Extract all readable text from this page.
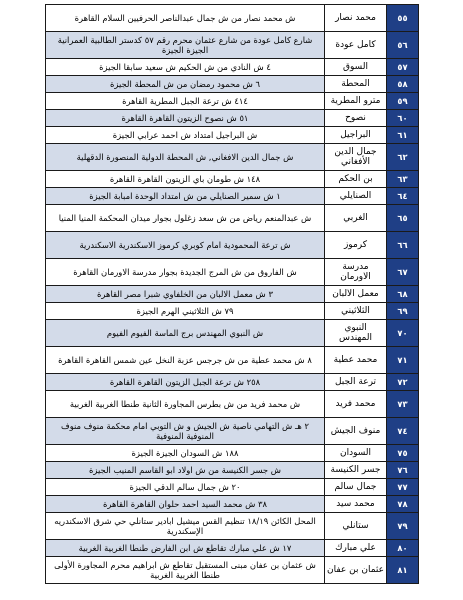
٥٥	محمد نصار	ش محمد نصار من ش جمال عبدالناصر الحرفيين السلام القاهرة
٥٦	كامل عودة	شارع كامل عودة من شارع عثمان محرم رقم ٥٧ كدستر الطالبية العمرانية الجيزة الجيزة
٥٧	السوق	٤ ش النادي من ش الحكيم ش سعيد سابقا الجيزة
٥٨	المحطة	٦ ش محمود رمضان من ش المحطة الجيزة
٥٩	مترو المطرية	٤١٤ ش ترعة الجبل المطرية القاهرة
٦٠	نصوح	٥١ ش نصوح الزيتون القاهرة القاهرة
٦١	البراجيل	ش البراجيل امتداد ش احمد عرابي الجيزة
٦٢	جمال الدين الأفغاني	ش جمال الدين الافغاني, ش المحطة الدولية المنصورة الدقهلية
٦٣	بن الحكم	١٤٨ ش طومان باي الزيتون القاهرة القاهرة
٦٤	الصنايلي	١ ش سمير الصنايلي من ش امتداد الوحدة امبابة الجيزة
٦٥	الغربي	ش عبدالمنعم رياض من ش سعد زغلول بجوار ميدان المحكمة المنيا المنيا
٦٦	كرموز	ش ترعة المحمودية امام كوبري كرموز الاسكندرية الاسكندرية
٦٧	مدرسة الاورمان	ش الفاروق من ش المرج الجديدة بجوار مدرسة الاورمان القاهرة
٦٨	معمل الالبان	٣ ش معمل الالبان من الخلفاوي شبرا مصر القاهرة
٦٩	الثلاثيني	٧٩ ش الثلاثيني الهرم الجيزة
٧٠	النبوي المهندس	ش النبوي المهندس برج الماسة الفيوم الفيوم
٧١	محمد عطية	٨ ش محمد عطية من ش جرجس عزبة النخل عين شمس القاهرة القاهرة
٧٢	ترعة الجبل	٢٥٨ ش ترعة الجبل الزيتون القاهرة القاهرة
٧٣	محمد فريد	ش محمد فريد من ش بطرس المجاورة الثانية طنطا الغربية الغربية
٧٤	منوف الجيش	٢ هـ ش التهامي ناصية ش الجيش و ش التوبي امام محكمة منوف منوف المنوفية المنوفية
٧٥	السودان	١٨٨ ش السودان الجيزة الجيزة
٧٦	جسر الكنيسة	ش جسر الكنيسة من ش اولاد ابو القاسم المنيب الجيزة
٧٧	جمال سالم	٢٠ ش جمال سالم الدقي الجيزة
٧٨	محمد سيد	٣٨ ش محمد السيد احمد حلوان القاهرة القاهرة
٧٩	ستانلي	المحل الكائن ١٨/١٩ تنظيم القس ميشيل ابادير ستانلي حي شرق الاسكندريه الإسكندرية
٨٠	علي مبارك	١٧ ش علي مبارك تقاطع ش ابن الفارض طنطا الغربية الغربية
٨١	عثمان بن عفان	ش عثمان بن عفان مبنى المستقبل تقاطع ش ابراهيم محرم المجاورة الأولى طنطا الغربية الغربية
